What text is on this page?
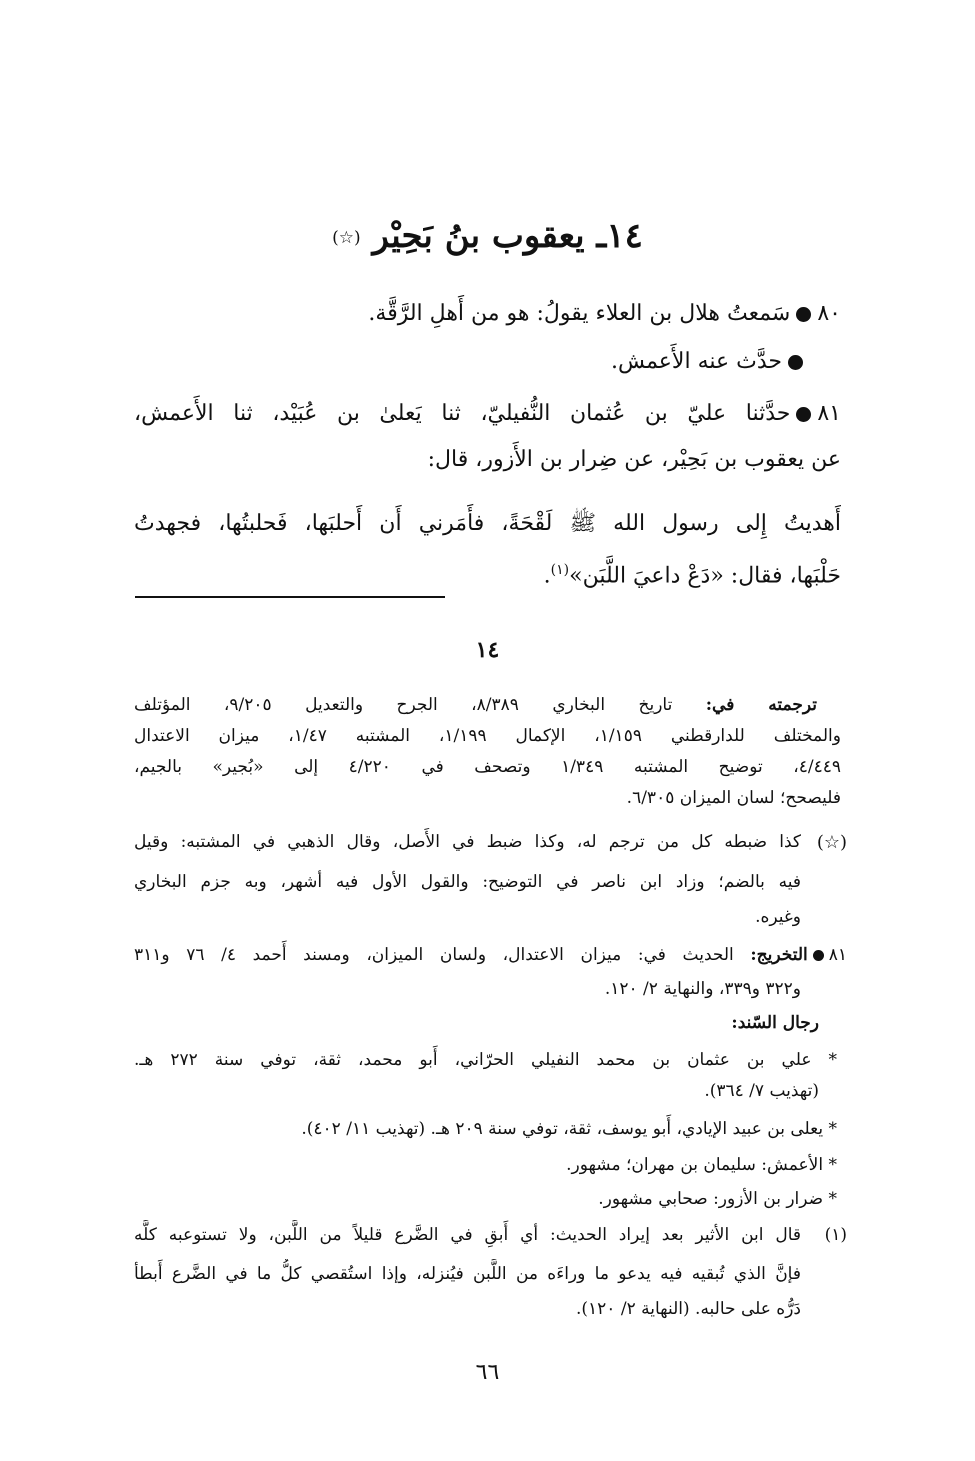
١٤ـ يعقوب بنُ بَحِيْر (☆)
٨٠سَمعتُ هلال بن العلاء يقولُ: هو من أَهلِ الرَّقَّة.
حدَّث عنه الأَعمش.
٨١حدَّثنا عليّ بن عُثمان النُّفيليّ، ثنا يَعلىٰ بن عُبَيْد، ثنا الأَعمش،
عن يعقوب بن بَحِيْر، عن ضِرار بن الأَزور، قال:
أَهديتُ إِلى رسول الله ﷺ لَقْحَةً، فأَمَرني أَن أَحلبَها، فَحلبتُها، فجهدتُ
حَلْبَها، فقال: «دَعْ داعيَ اللَّبَن»$^{(١)}$.
١٤
ترجمته في: تاريخ البخاري ٨/٣٨٩، الجرح والتعديل ٩/٢٠٥، المؤتلف
والمختلف للدارقطني ١/١٥٩، الإكمال ١/١٩٩، المشتبه ١/٤٧، ميزان الاعتدال
٤/٤٤٩، توضيح المشتبه ١/٣٤٩ وتصحف في ٤/٢٢٠ إلى «بُجير» بالجيم،
فليصحح؛ لسان الميزان ٦/٣٠٥.
(☆)
كذا ضبطه كل من ترجم له، وكذا ضبط في الأَصل، وقال الذهبي في المشتبه: وقيل
فيه بالضم؛ وزاد ابن ناصر في التوضيح: والقول الأول فيه أشهر، وبه جزم البخاري
وغيره.
٨١التخريج: الحديث في: ميزان الاعتدال، ولسان الميزان، ومسند أَحمد ٤/ ٧٦ و٣١١
و٣٢٢ و٣٣٩، والنهاية ٢/ ١٢٠.
رجال السّند:
* علي بن عثمان بن محمد النفيلي الحرّاني، أَبو محمد، ثقة، توفي سنة ٢٧٢ هـ.
(تهذيب ٧/ ٣٦٤).
* يعلى بن عبيد الإيادي، أَبو يوسف، ثقة، توفي سنة ٢٠٩ هـ. (تهذيب ١١/ ٤٠٢).
* الأعمش: سليمان بن مهران؛ مشهور.
* ضرار بن الأزور: صحابي مشهور.
(١)
قال ابن الأثير بعد إيراد الحديث: أي أَبقِ في الضَّرع قليلاً من اللَّبن، ولا تستوعبه كلَّه
فإنَّ الذي تُبقيه فيه يدعو ما وراءَه من اللَّبن فيُنزله، وإذا استُقصي كلُّ ما في الضَّرع أَبطأ
دَرُّه على حالبه. (النهاية ٢/ ١٢٠).
٦٦
